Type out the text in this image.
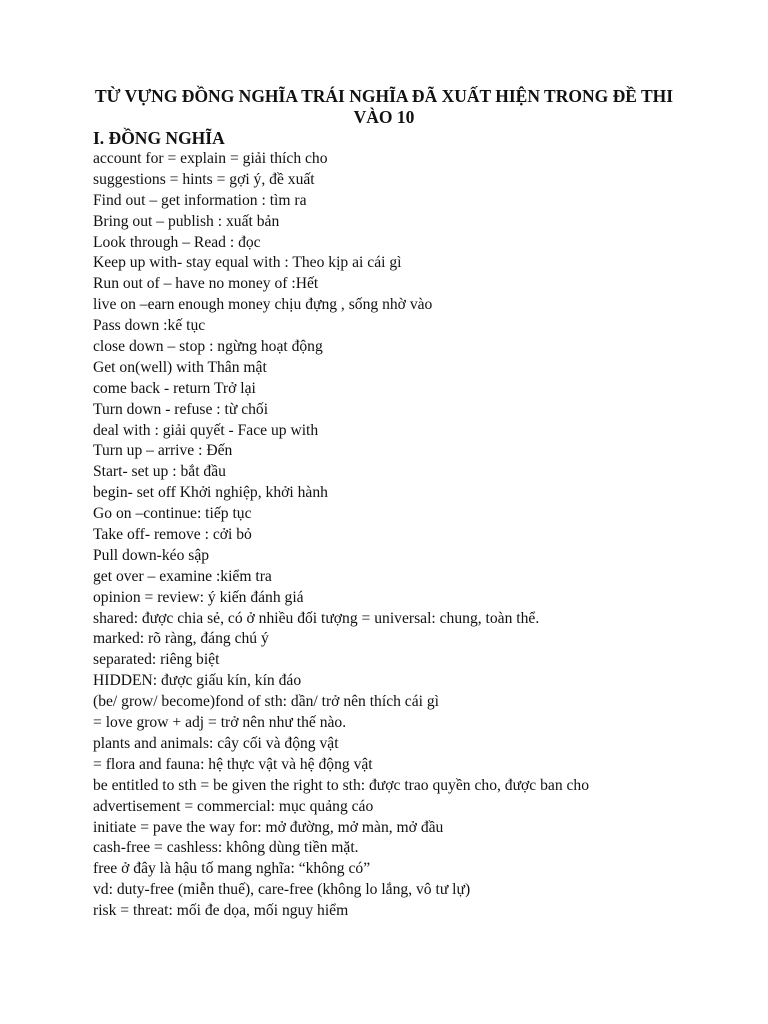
TỪ VỰNG ĐỒNG NGHĨA TRÁI NGHĨA ĐÃ XUẤT HIỆN TRONG ĐỀ THI
VÀO 10
I. ĐỒNG NGHĨA
account for = explain = giải thích cho
suggestions = hints = gợi ý, đề xuất
Find out – get information : tìm ra
Bring out – publish : xuất bản
Look through – Read : đọc
Keep up with- stay equal with : Theo kịp ai cái gì
Run out of – have no money of :Hết
live on –earn enough money chịu đựng , sống nhờ vào
Pass down :kế tục
close down – stop : ngừng hoạt động
Get on(well) with Thân mật
come back - return Trở lại
Turn down - refuse : từ chối
deal with : giải quyết - Face up with
Turn up – arrive : Đến
Start- set up : bắt đầu
begin- set off Khởi nghiệp, khởi hành
Go on –continue: tiếp tục
Take off- remove : cởi bỏ
Pull down-kéo sập
get over – examine :kiểm tra
opinion = review: ý kiến đánh giá
shared: được chia sẻ, có ở nhiều đối tượng = universal: chung, toàn thể.
marked: rõ ràng, đáng chú ý
separated: riêng biệt
HIDDEN: được giấu kín, kín đáo
(be/ grow/ become)fond of sth: dần/ trở nên thích cái gì
= love grow + adj = trở nên như thế nào.
plants and animals: cây cối và động vật
= flora and fauna: hệ thực vật và hệ động vật
be entitled to sth = be given the right to sth: được trao quyền cho, được ban cho
advertisement = commercial: mục quảng cáo
initiate = pave the way for: mở đường, mở màn, mở đầu
cash-free = cashless: không dùng tiền mặt.
free ở đây là hậu tố mang nghĩa: “không có”
vd: duty-free (miễn thuế), care-free (không lo lắng, vô tư lự)
risk = threat: mối đe dọa, mối nguy hiểm
